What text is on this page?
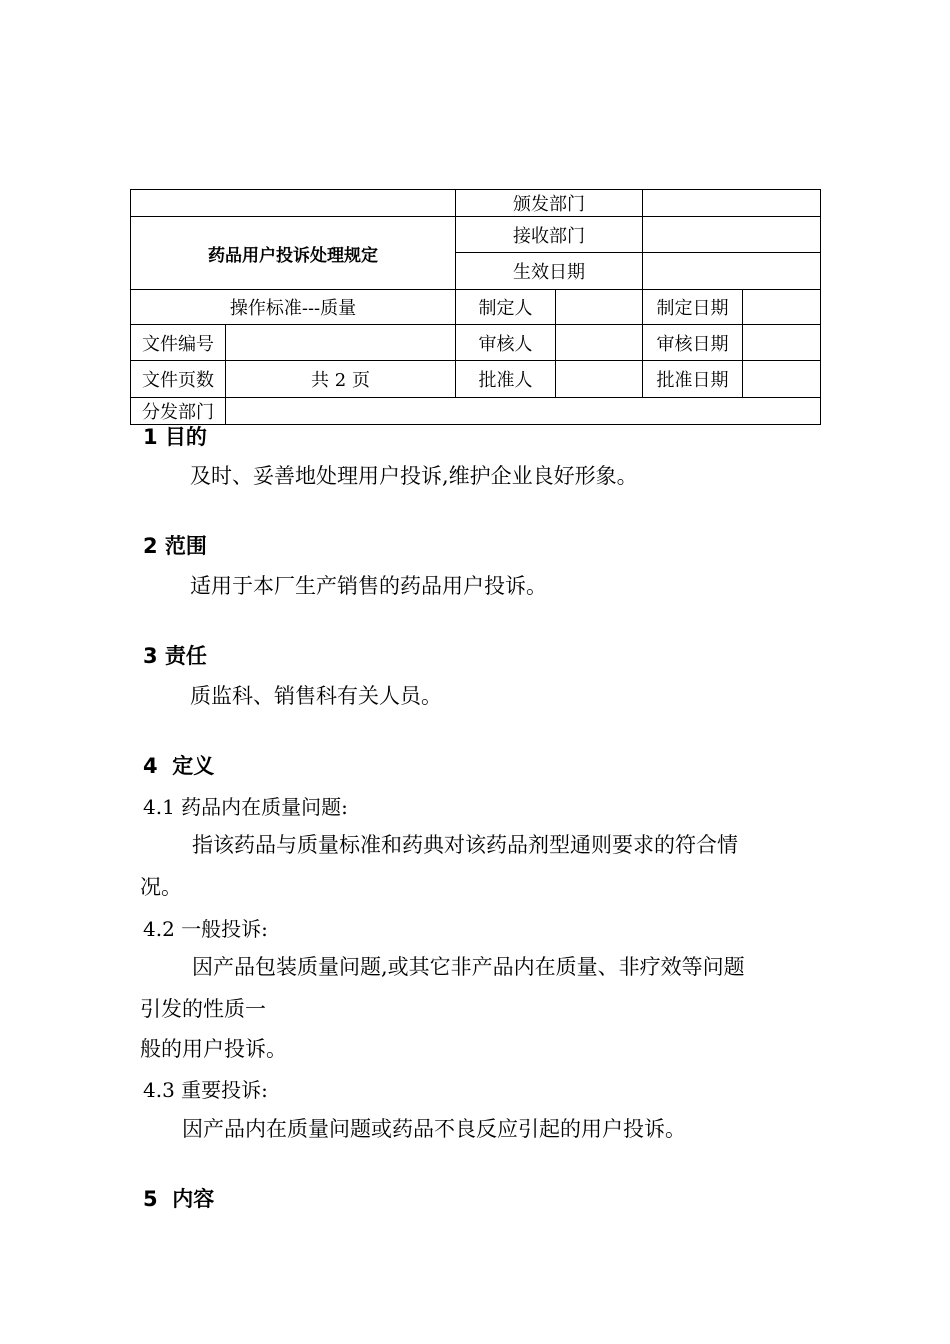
		颁发部门			
药品用户投诉处理规定		接收部门			
		生效日期			
操作标准---质量		制定人		制定日期	
文件编号		审核人		审核日期	
文件页数	共 2 页	批准人		批准日期	
分发部门					
1 目的

及时、妥善地处理用户投诉,维护企业良好形象。

2 范围

适用于本厂生产销售的药品用户投诉。

3 责任

质监科、销售科有关人员。

4  定义

4.1 药品内在质量问题:

指该药品与质量标准和药典对该药品剂型通则要求的符合情

况。

4.2 一般投诉:

因产品包装质量问题,或其它非产品内在质量、非疗效等问题

引发的性质一

般的用户投诉。

4.3 重要投诉:

因产品内在质量问题或药品不良反应引起的用户投诉。

5  内容
